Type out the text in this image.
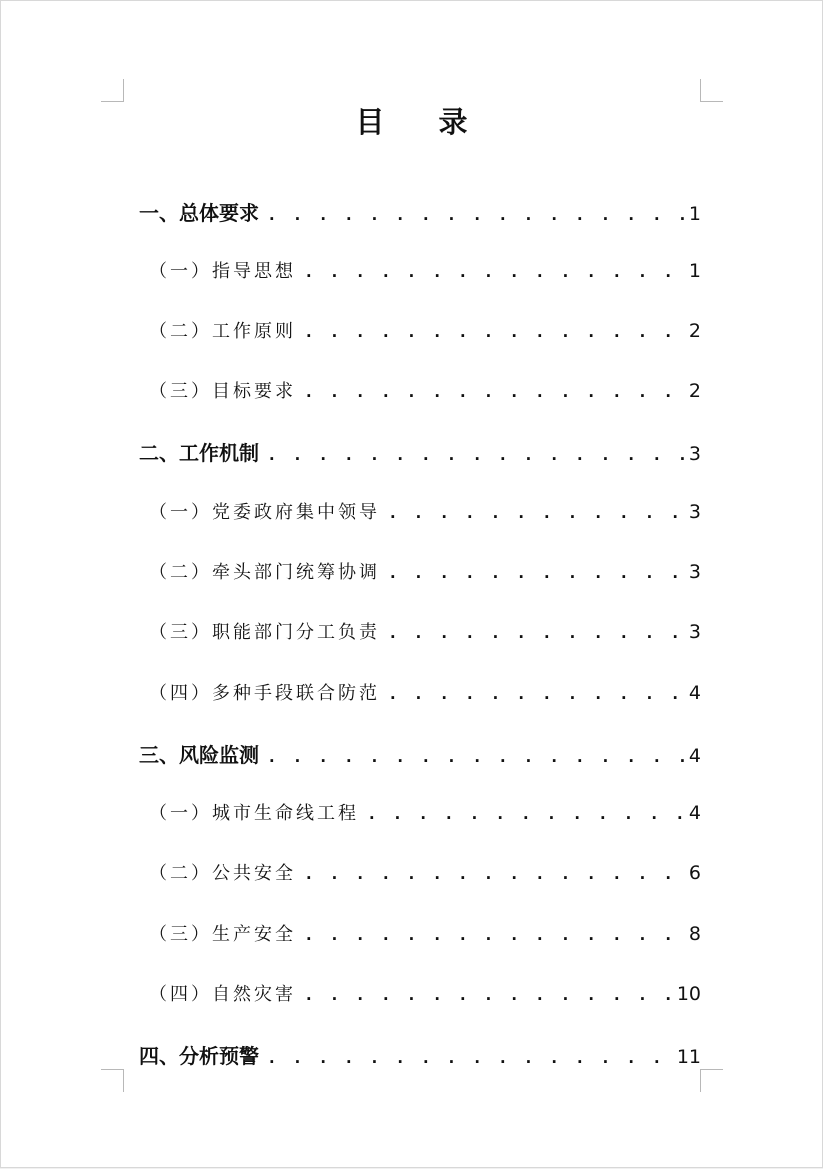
目 录
一、总体要求 . . .	1
（一）指导思想 . . .	1
（二）工作原则 . . .	2
（三）目标要求 . . .	2
二、工作机制 . . .	3
（一）党委政府集中领导 . . .	3
（二）牵头部门统筹协调 . . .	3
（三）职能部门分工负责 . . .	3
（四）多种手段联合防范 . . .	4
三、风险监测 . . .	4
（一）城市生命线工程 . . .	4
（二）公共安全 . . .	6
（三）生产安全 . . .	8
（四）自然灾害 . . .	10
四、分析预警 . . .	11
